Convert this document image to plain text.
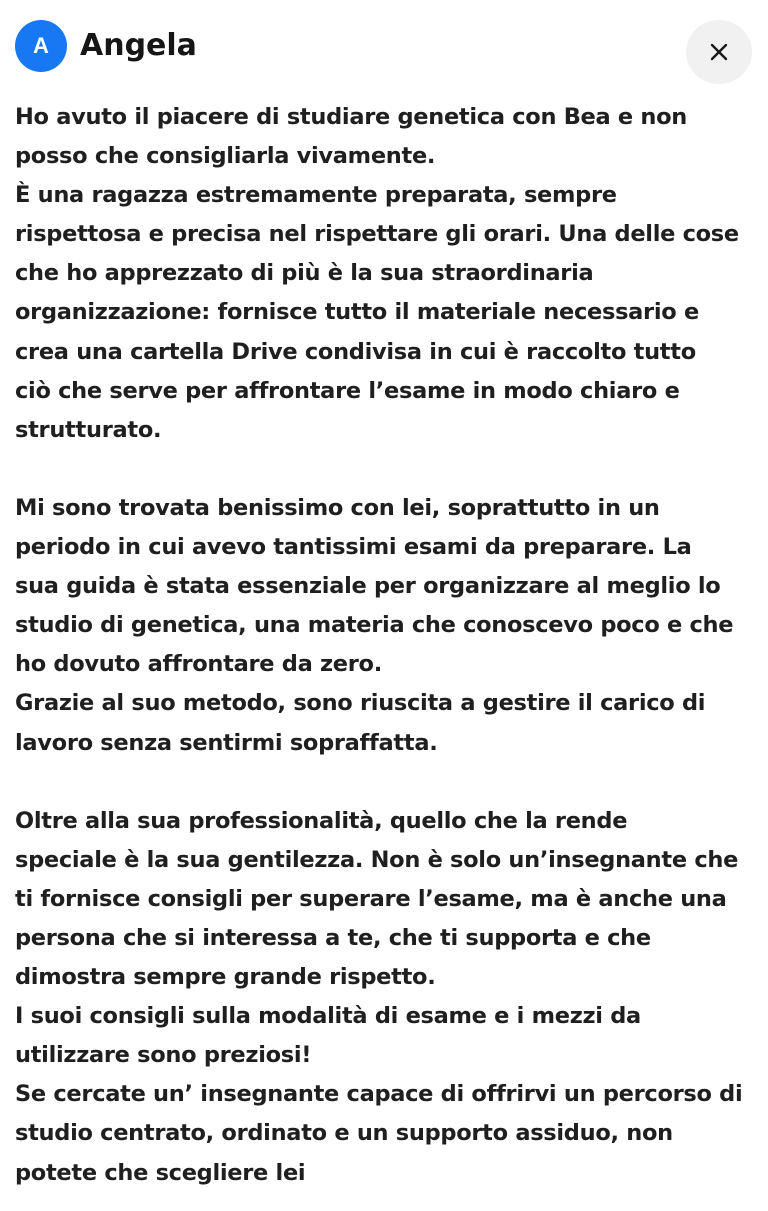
A	Angela
Ho avuto il piacere di studiare genetica con Bea e non
posso che consigliarla vivamente.
È una ragazza estremamente preparata, sempre
rispettosa e precisa nel rispettare gli orari. Una delle cose
che ho apprezzato di più è la sua straordinaria
organizzazione: fornisce tutto il materiale necessario e
crea una cartella Drive condivisa in cui è raccolto tutto
ciò che serve per affrontare l’esame in modo chiaro e
strutturato.
Mi sono trovata benissimo con lei, soprattutto in un
periodo in cui avevo tantissimi esami da preparare. La
sua guida è stata essenziale per organizzare al meglio lo
studio di genetica, una materia che conoscevo poco e che
ho dovuto affrontare da zero.
Grazie al suo metodo, sono riuscita a gestire il carico di
lavoro senza sentirmi sopraffatta.
Oltre alla sua professionalità, quello che la rende
speciale è la sua gentilezza. Non è solo un’insegnante che
ti fornisce consigli per superare l’esame, ma è anche una
persona che si interessa a te, che ti supporta e che
dimostra sempre grande rispetto.
I suoi consigli sulla modalità di esame e i mezzi da
utilizzare sono preziosi!
Se cercate un’ insegnante capace di offrirvi un percorso di
studio centrato, ordinato e un supporto assiduo, non
potete che scegliere lei
